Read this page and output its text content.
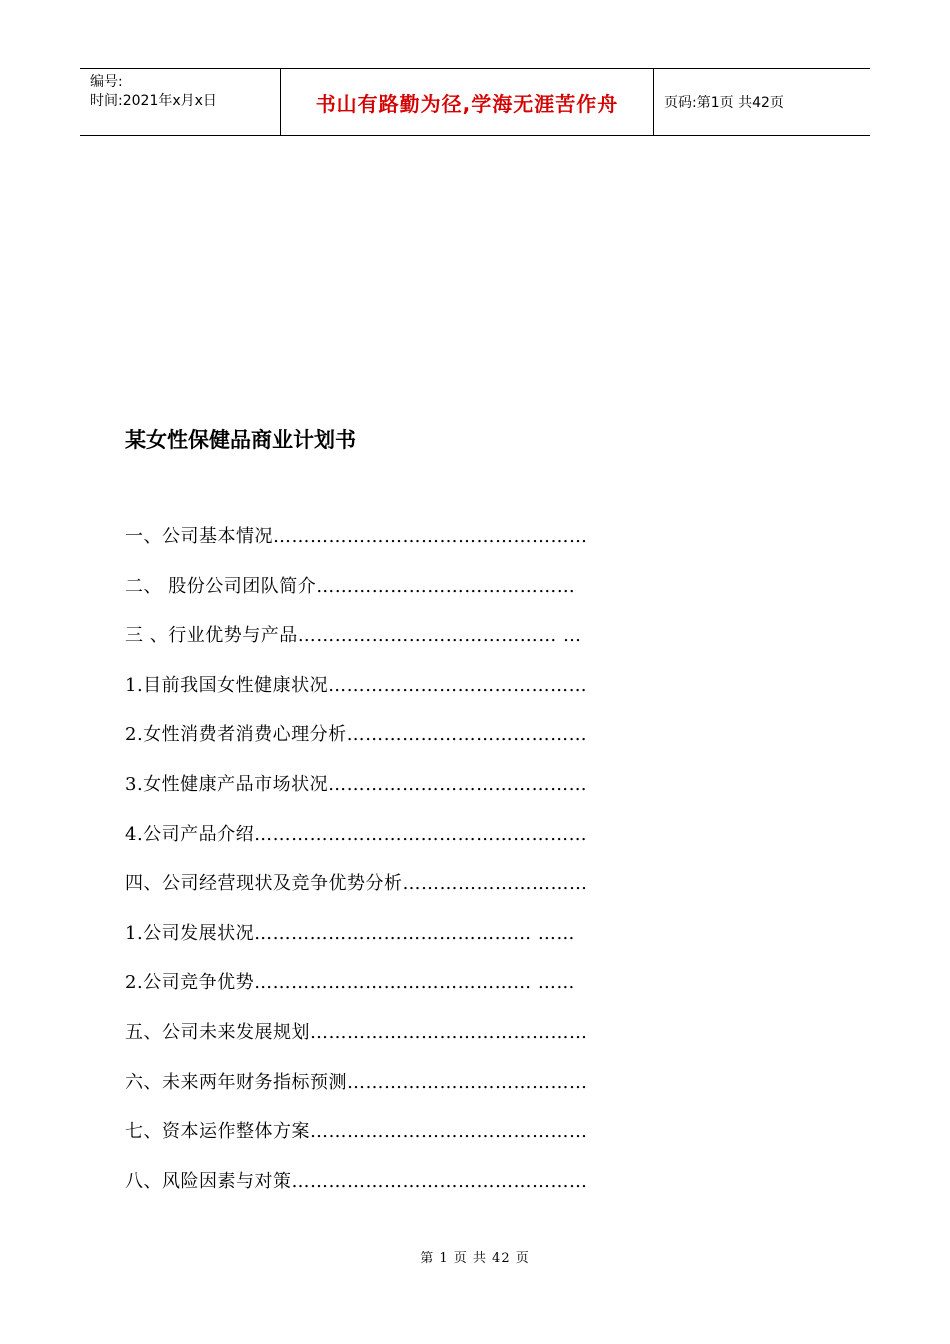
编号:
时间:2021年x月x日	书山有路勤为径,学海无涯苦作舟	页码:第1页 共42页
某女性保健品商业计划书
一、公司基本情况……………………………………………
二、 股份公司团队简介……………………………………
三 、行业优势与产品…………………………………… …
1.目前我国女性健康状况……………………………………
2.女性消费者消费心理分析…………………………………
3.女性健康产品市场状况……………………………………
4.公司产品介绍………………………………………………
四、公司经营现状及竞争优势分析…………………………
1.公司发展状况……………………………………… ……
2.公司竞争优势……………………………………… ……
五、公司未来发展规划………………………………………
六、未来两年财务指标预测…………………………………
七、资本运作整体方案………………………………………
八、风险因素与对策…………………………………………
第 1 页 共 42 页
